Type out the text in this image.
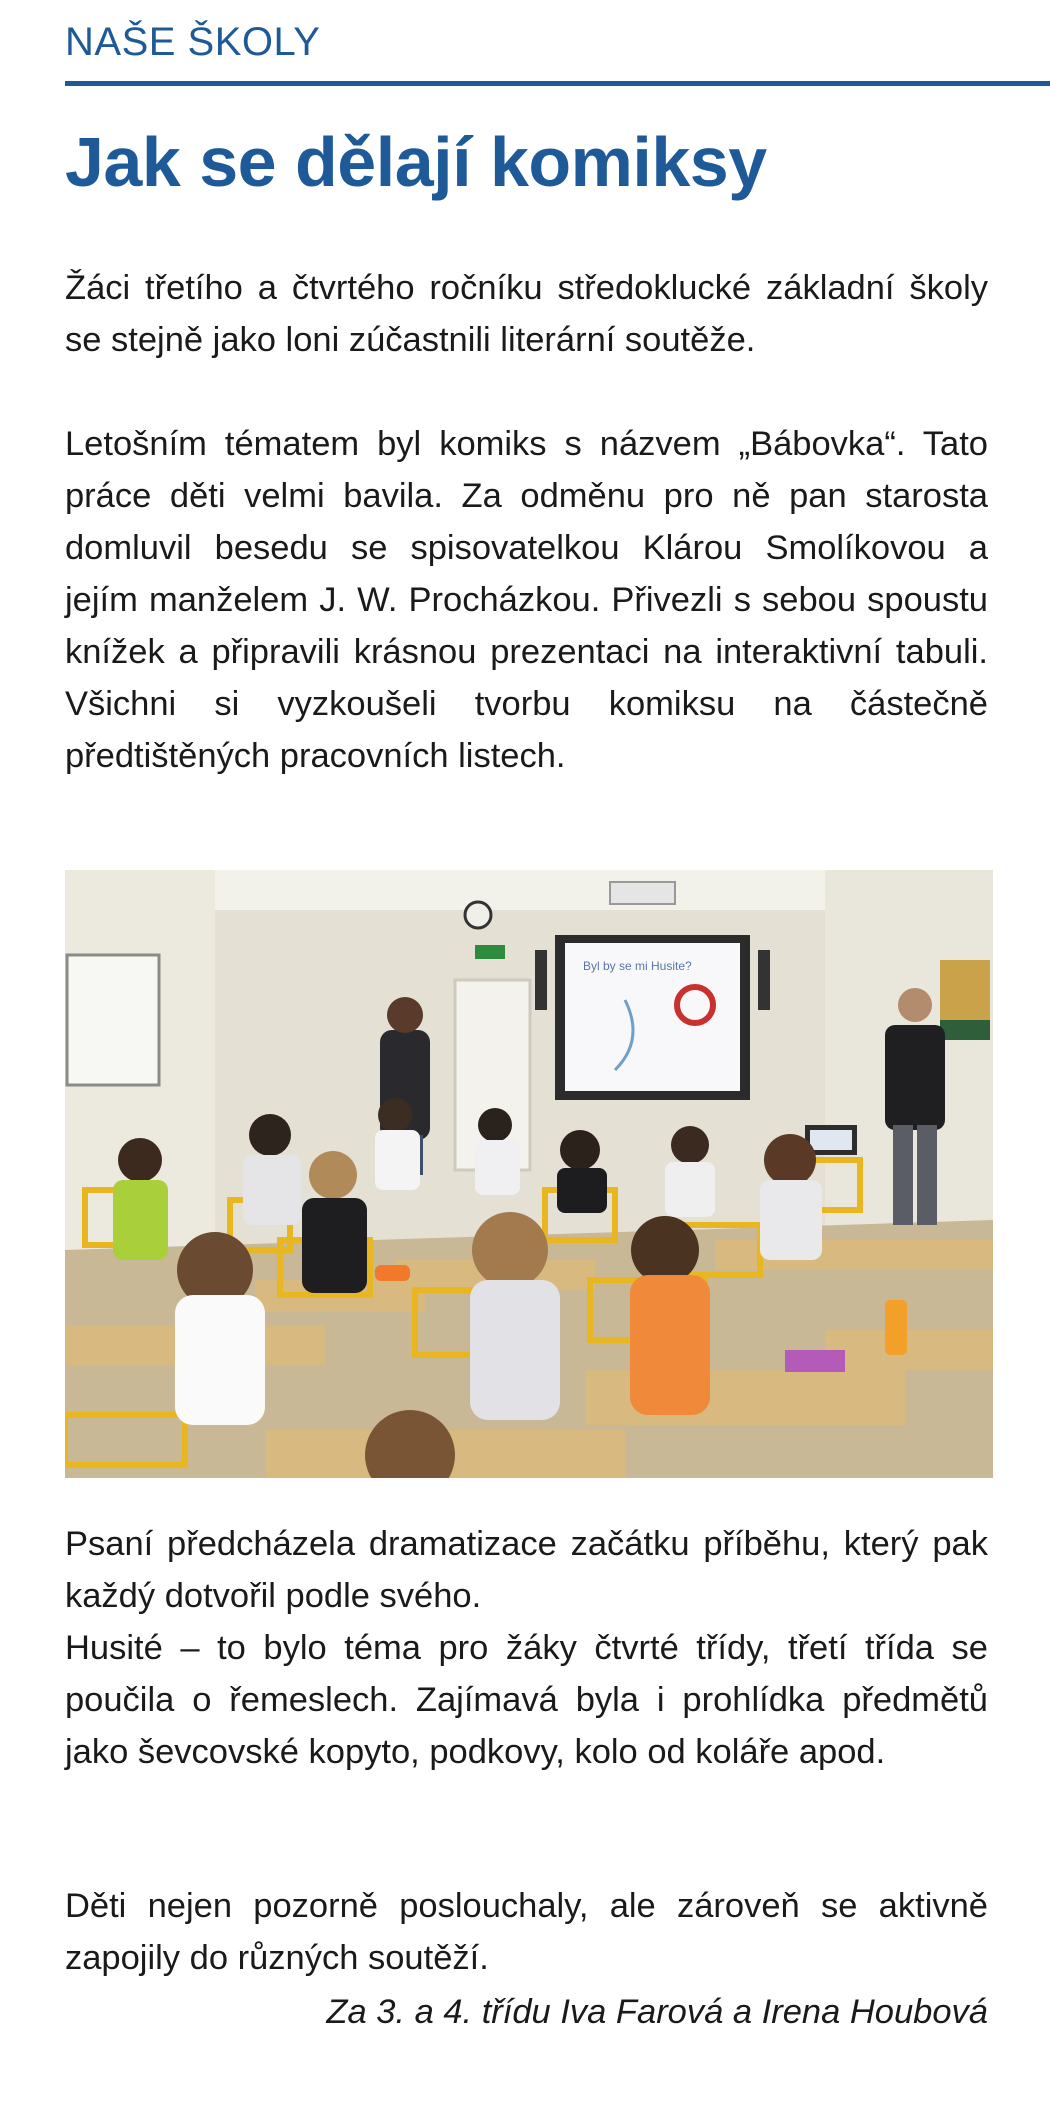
NAŠE ŠKOLY
Jak se dělají komiksy

Žáci třetího a čtvrtého ročníku středoklucké základní školy se stejně jako loni zúčastnili literární soutěže.

Letošním tématem byl komiks s názvem „Bábovka“. Tato práce děti velmi bavila. Za odměnu pro ně pan starosta domluvil besedu se spisovatelkou Klárou Smolíkovou a jejím manželem J. W. Procházkou. Přivezli s sebou spoustu knížek a připravili krásnou prezentaci na interaktivní tabuli. Všichni si vyzkoušeli tvorbu komiksu na částečně předtištěných pracovních listech.

Byl by se mi Husite?

Psaní předcházela dramatizace začátku příběhu, který pak každý dotvořil podle svého.

Husité – to bylo téma pro žáky čtvrté třídy, třetí třída se poučila o řemeslech. Zajímavá byla i prohlídka předmětů jako ševcovské kopyto, podkovy, kolo od koláře apod.

Děti nejen pozorně poslouchaly, ale zároveň se aktivně zapojily do různých soutěží.

Za 3. a 4. třídu Iva Farová a Irena Houbová
